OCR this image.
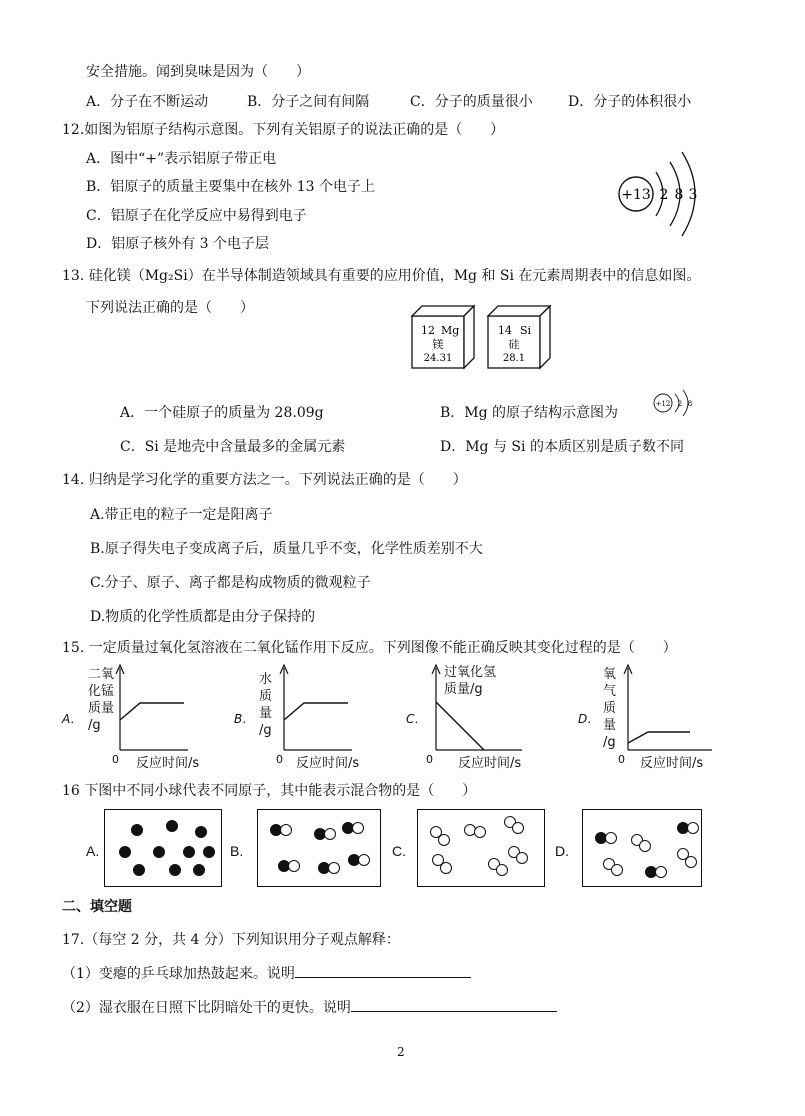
安全措施。闻到臭味是因为（　　）
A．分子在不断运动	B．分子之间有间隔	C．分子的质量很小	D．分子的体积很小
12.如图为铝原子结构示意图。下列有关铝原子的说法正确的是（　　）
A．图中“+”表示铝原子带正电
B．铝原子的质量主要集中在核外 13 个电子上
C．铝原子在化学反应中易得到电子
D．铝原子核外有 3 个电子层
+13 2 8 3
13. 硅化镁（Mg₂Si）在半导体制造领域具有重要的应用价值，Mg 和 Si 在元素周期表中的信息如图。
下列说法正确的是（　　）
12 Mg
镁
24.31
14 Si
硅
28.1
A．一个硅原子的质量为 28.09g	B．Mg 的原子结构示意图为
+12 2 8
C．Si 是地壳中含量最多的金属元素	D．Mg 与 Si 的本质区别是质子数不同
14. 归纳是学习化学的重要方法之一。下列说法正确的是（　　）
A.带正电的粒子一定是阳离子
B.原子得失电子变成离子后，质量几乎不变，化学性质差别不大
C.分子、原子、离子都是构成物质的微观粒子
D.物质的化学性质都是由分子保持的
15. 一定质量过氧化氢溶液在二氧化锰作用下反应。下列图像不能正确反映其变化过程的是（　　）
A．
二氧
化锰
质量
/g
0 反应时间/s
B．
水
质
量
/g
0 反应时间/s
C．
过氧化氢
质量/g
0 反应时间/s
D．
氧
气
质
量
/g
0 反应时间/s
16 下图中不同小球代表不同原子，其中能表示混合物的是（　　）
A.	B.	C.	D.
二、填空题
17.（每空 2 分，共 4 分）下列知识用分子观点解释：
（1）变瘪的乒乓球加热鼓起来。说明
（2）湿衣服在日照下比阴暗处干的更快。说明
2
